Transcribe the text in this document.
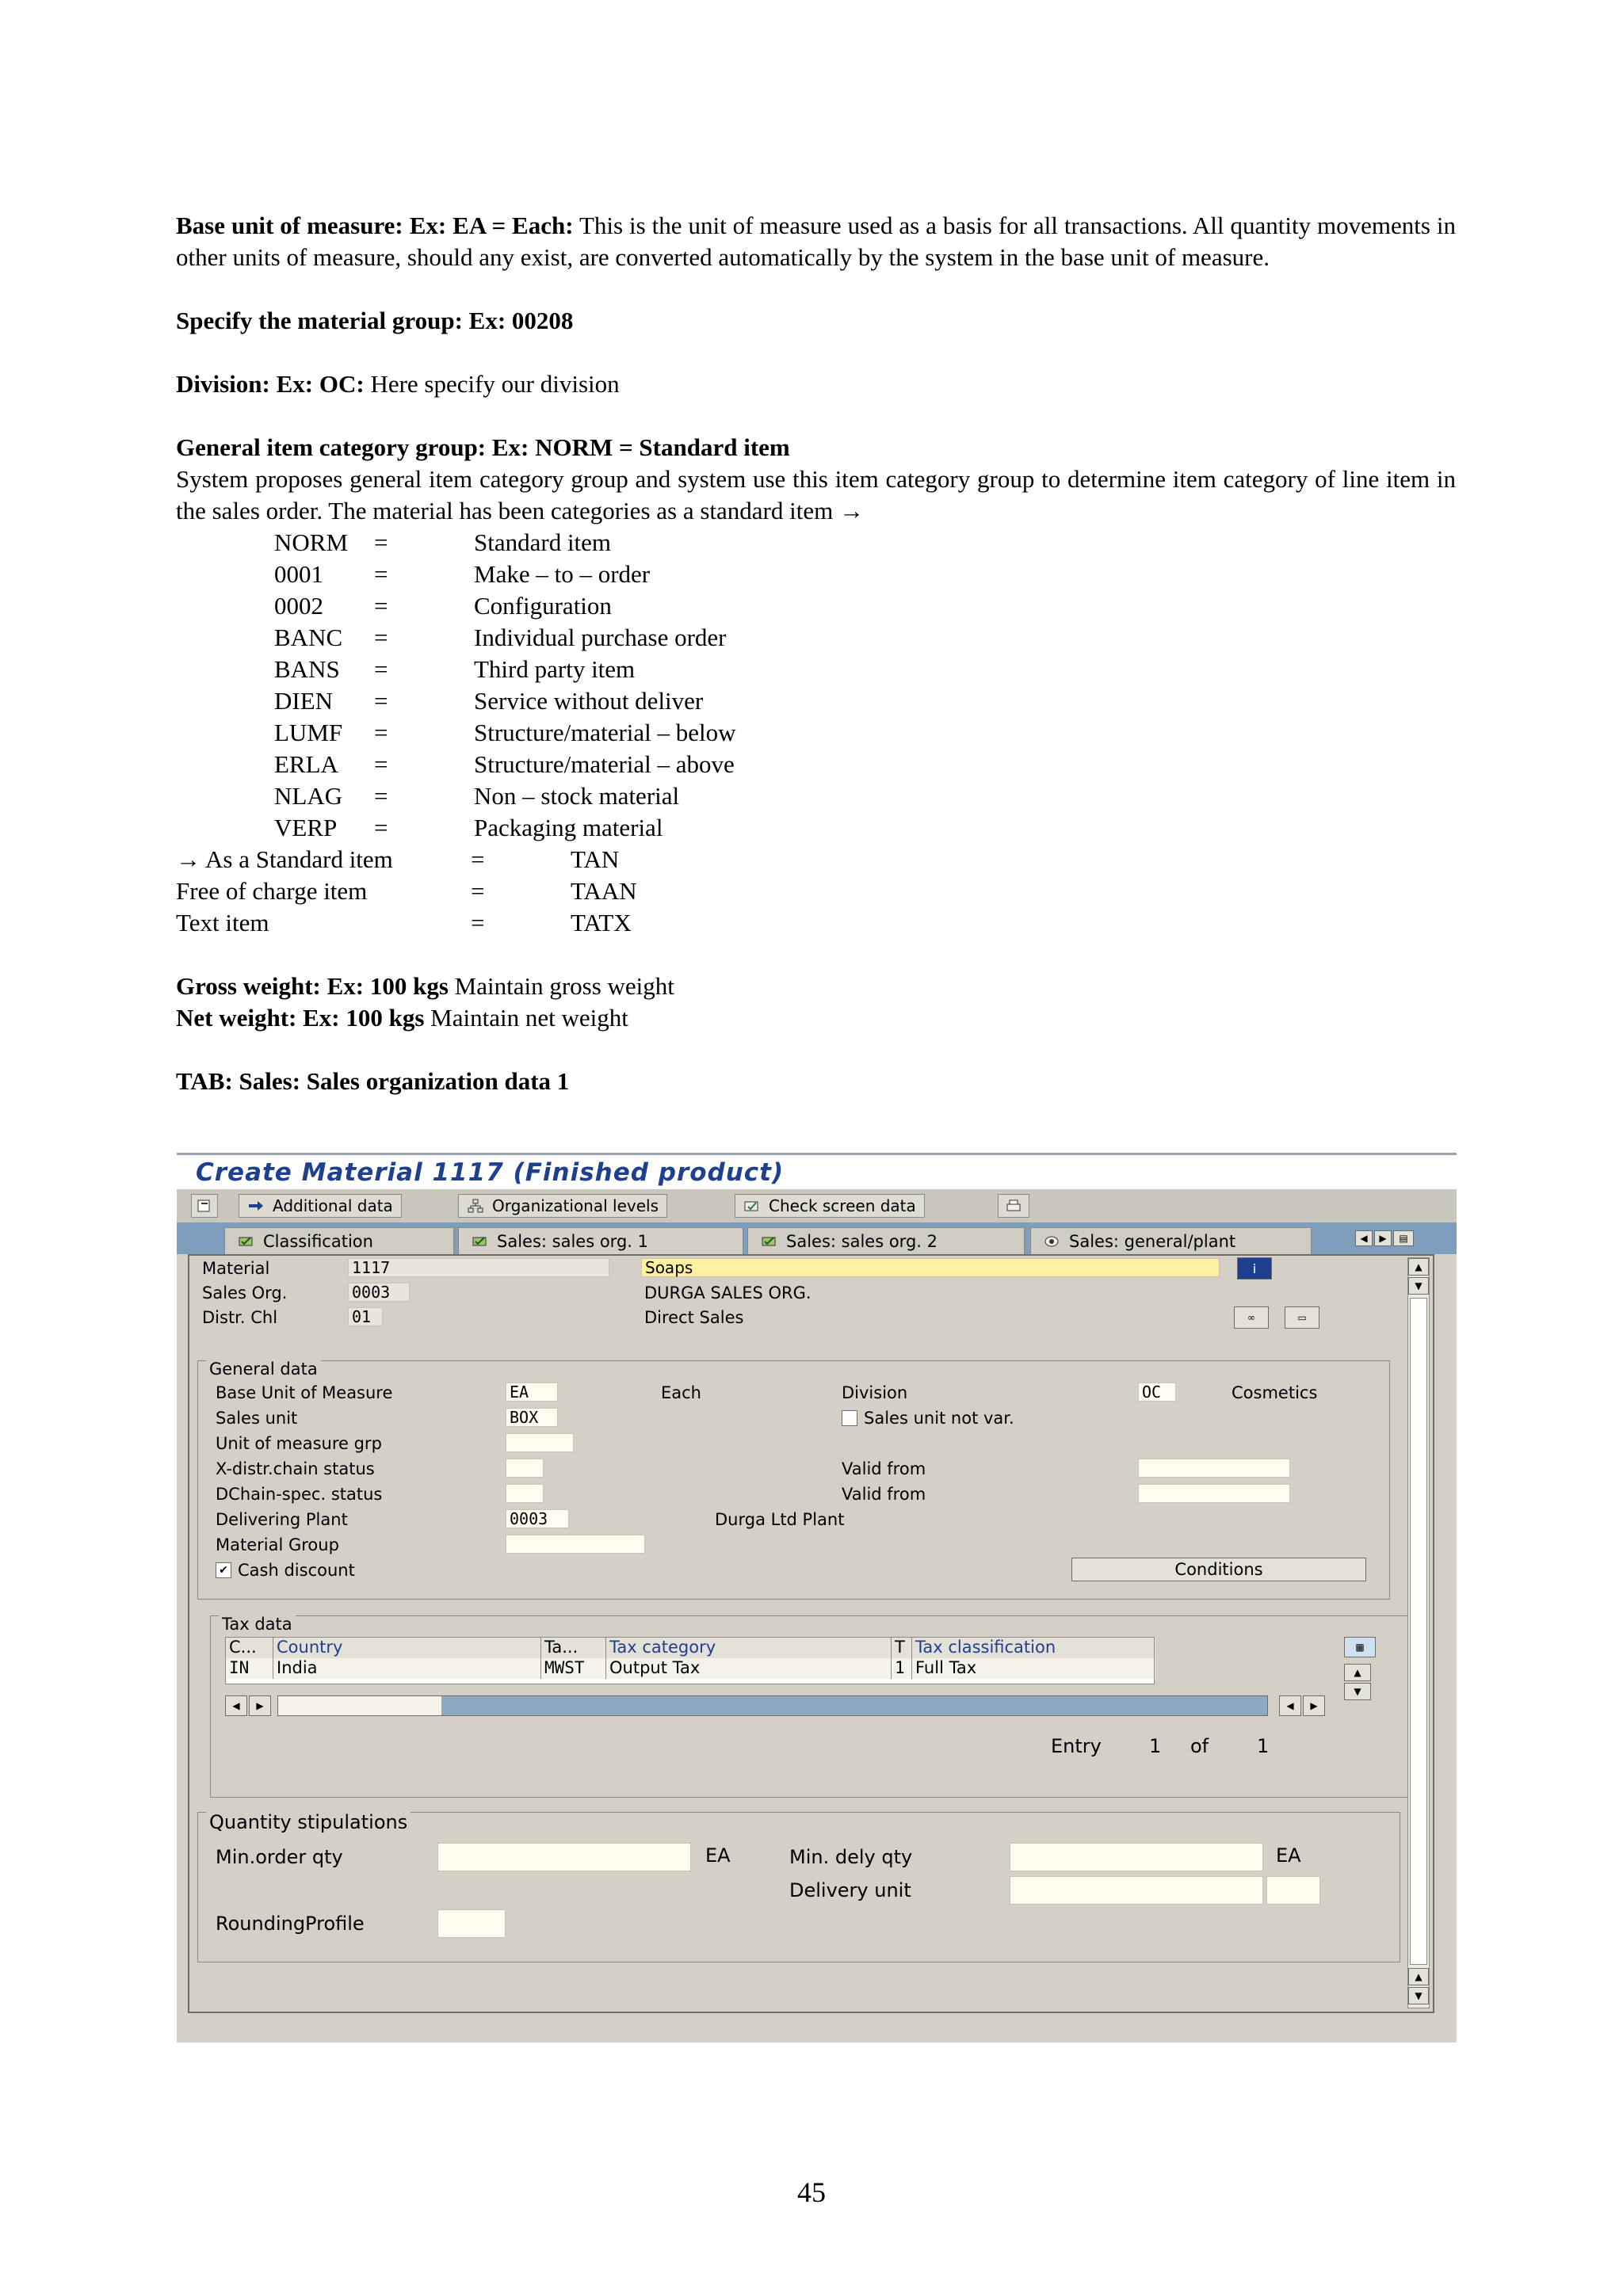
Base unit of measure: Ex: EA = Each: This is the unit of measure used as a basis for all transactions. All quantity movements in other units of measure, should any exist, are converted automatically by the system in the base unit of measure.

Specify the material group: Ex: 00208

Division: Ex: OC: Here specify our division

General item category group: Ex: NORM = Standard item

System proposes general item category group and system use this item category group to determine item category of line item in the sales order. The material has been categories as a standard item →

NORM	=	Standard item
0001	=	Make – to – order
0002	=	Configuration
BANC	=	Individual purchase order
BANS	=	Third party item
DIEN	=	Service without deliver
LUMF	=	Structure/material – below
ERLA	=	Structure/material – above
NLAG	=	Non – stock material
VERP	=	Packaging material
→ As a Standard item	=	TAN
Free of charge item	=	TAAN
Text item	=	TATX

Gross weight: Ex: 100 kgs Maintain gross weight

Net weight: Ex: 100 kgs Maintain net weight

TAB: Sales: Sales organization data 1

Create Material 1117 (Finished product)
Additional data	Organizational levels	Check screen data
Classification	Sales: sales org. 1	Sales: sales org. 2	Sales: general/plant	◀	▶	▤
Material	1117	Soaps	i
Sales Org.	0003	DURGA SALES ORG.
Distr. Chl	01	Direct Sales	∞	▭
General data
Base Unit of Measure	EA	Each	Division	OC	Cosmetics
Sales unit	BOX	Sales unit not var.
Unit of measure grp
X-distr.chain status	Valid from
DChain-spec. status	Valid from
Delivering Plant	0003	Durga Ltd Plant
Material Group
✔ Cash discount	Conditions
Tax data
C...	Country	Ta...	Tax category	T Tax classification
IN	India	MWST	Output Tax	1 Full Tax
▦
▲
▼
◀	▶	◀	▶
Entry	1 of	1
Quantity stipulations
Min.order qty	EA	Min. dely qty	EA
Delivery unit
RoundingProfile
▲
▼
▲
▼
45
